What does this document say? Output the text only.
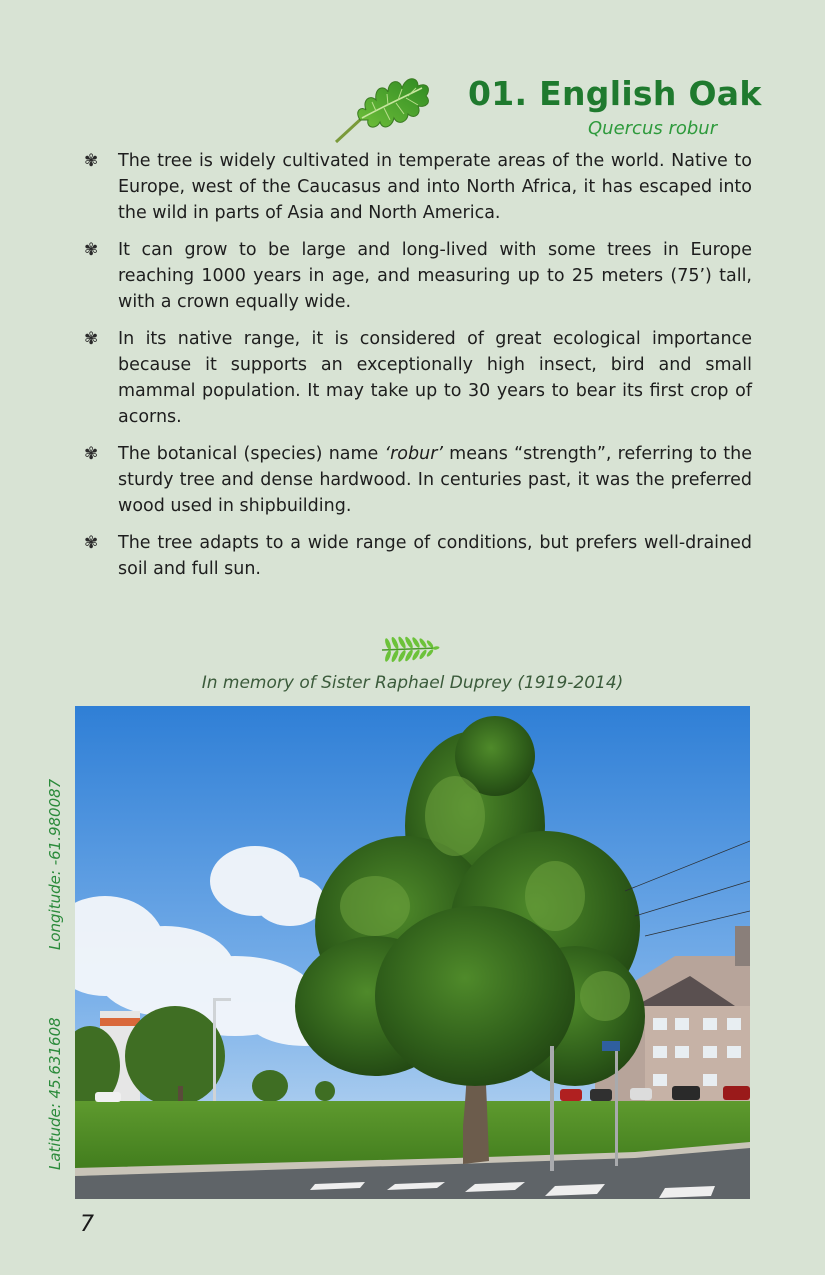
01. English Oak
Quercus robur
✾	The tree is widely cultivated in temperate areas of the world. Native to Europe, west of the Caucasus and into North Africa, it has escaped into the wild in parts of Asia and North America.
✾	It can grow to be large and long-lived with some trees in Europe reaching 1000 years in age, and measuring up to 25 meters (75’) tall, with a crown equally wide.
✾	In its native range, it is considered of great ecological importance because it supports an exceptionally high insect, bird and small mammal population. It may take up to 30 years to bear its first crop of acorns.
✾	The botanical (species) name ‘robur’ means “strength”, referring to the sturdy tree and dense hardwood. In centuries past, it was the preferred wood used in shipbuilding.
✾	The tree adapts to a wide range of conditions, but prefers well-drained soil and full sun.
In memory of Sister Raphael Duprey (1919-2014)
Longitude: -61.980087
Latitude: 45.631608
7
